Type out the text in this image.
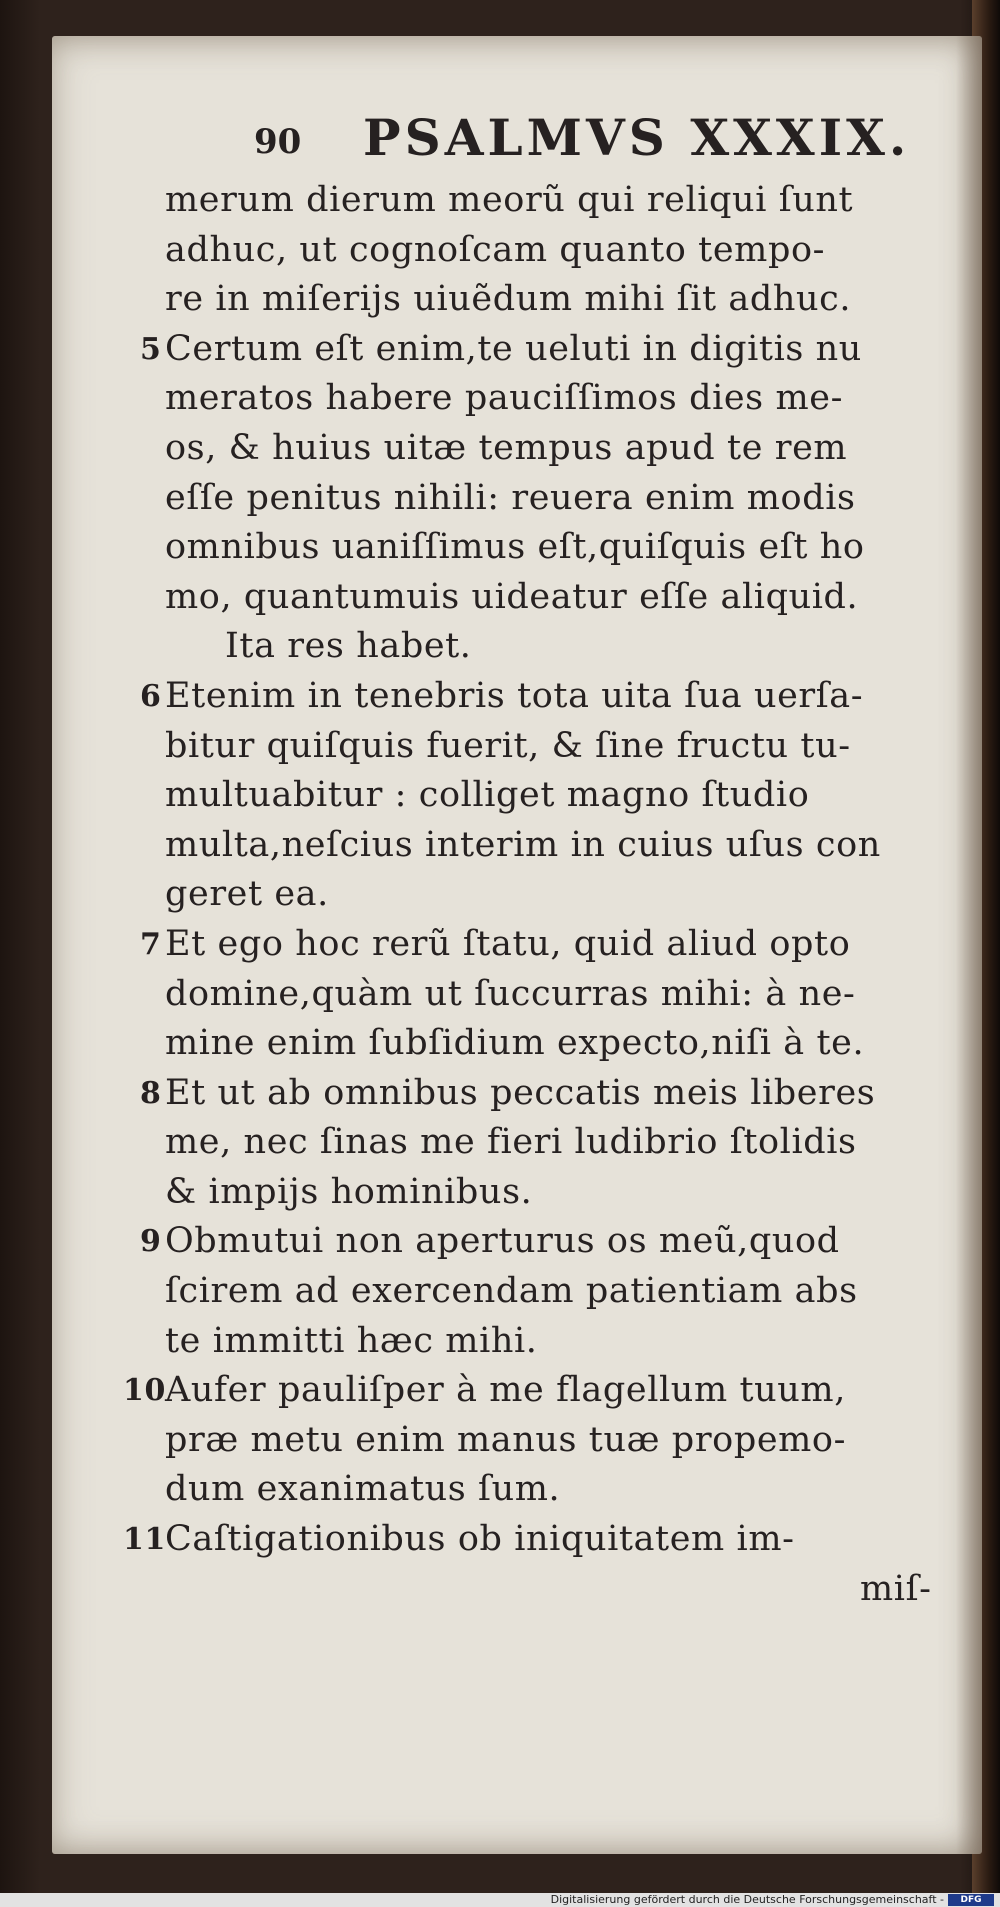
90 PSALMVS XXXIX.
merum dierum meorũ qui reliqui ſunt
adhuc, ut cognoſcam quanto tempo-
re in miſerijs uiuẽdum mihi ſit adhuc.
5 Certum eſt enim,te ueluti in digitis nu
meratos habere pauciſſimos dies me-
os, & huius uitæ tempus apud te rem
eſſe penitus nihili: reuera enim modis
omnibus uaniſſimus eſt,quiſquis eſt ho
mo, quantumuis uideatur eſſe aliquid.
Ita res habet.
6 Etenim in tenebris tota uita ſua uerſa-
bitur quiſquis fuerit, & ſine fructu tu-
multuabitur : colliget magno ſtudio
multa,neſcius interim in cuius uſus con
geret ea.
7 Et ego hoc rerũ ſtatu, quid aliud opto
domine,quàm ut ſuccurras mihi: à ne-
mine enim ſubſidium expecto,niſi à te.
8 Et ut ab omnibus peccatis meis liberes
me, nec ſinas me fieri ludibrio ſtolidis
& impijs hominibus.
9 Obmutui non aperturus os meũ,quod
ſcirem ad exercendam patientiam abs
te immitti hæc mihi.
10 Aufer pauliſper à me flagellum tuum,
præ metu enim manus tuæ propemo-
dum exanimatus ſum.
11 Caſtigationibus ob iniquitatem im-
miſ-
Digitalisierung gefördert durch die Deutsche Forschungsgemeinschaft -	DFG
